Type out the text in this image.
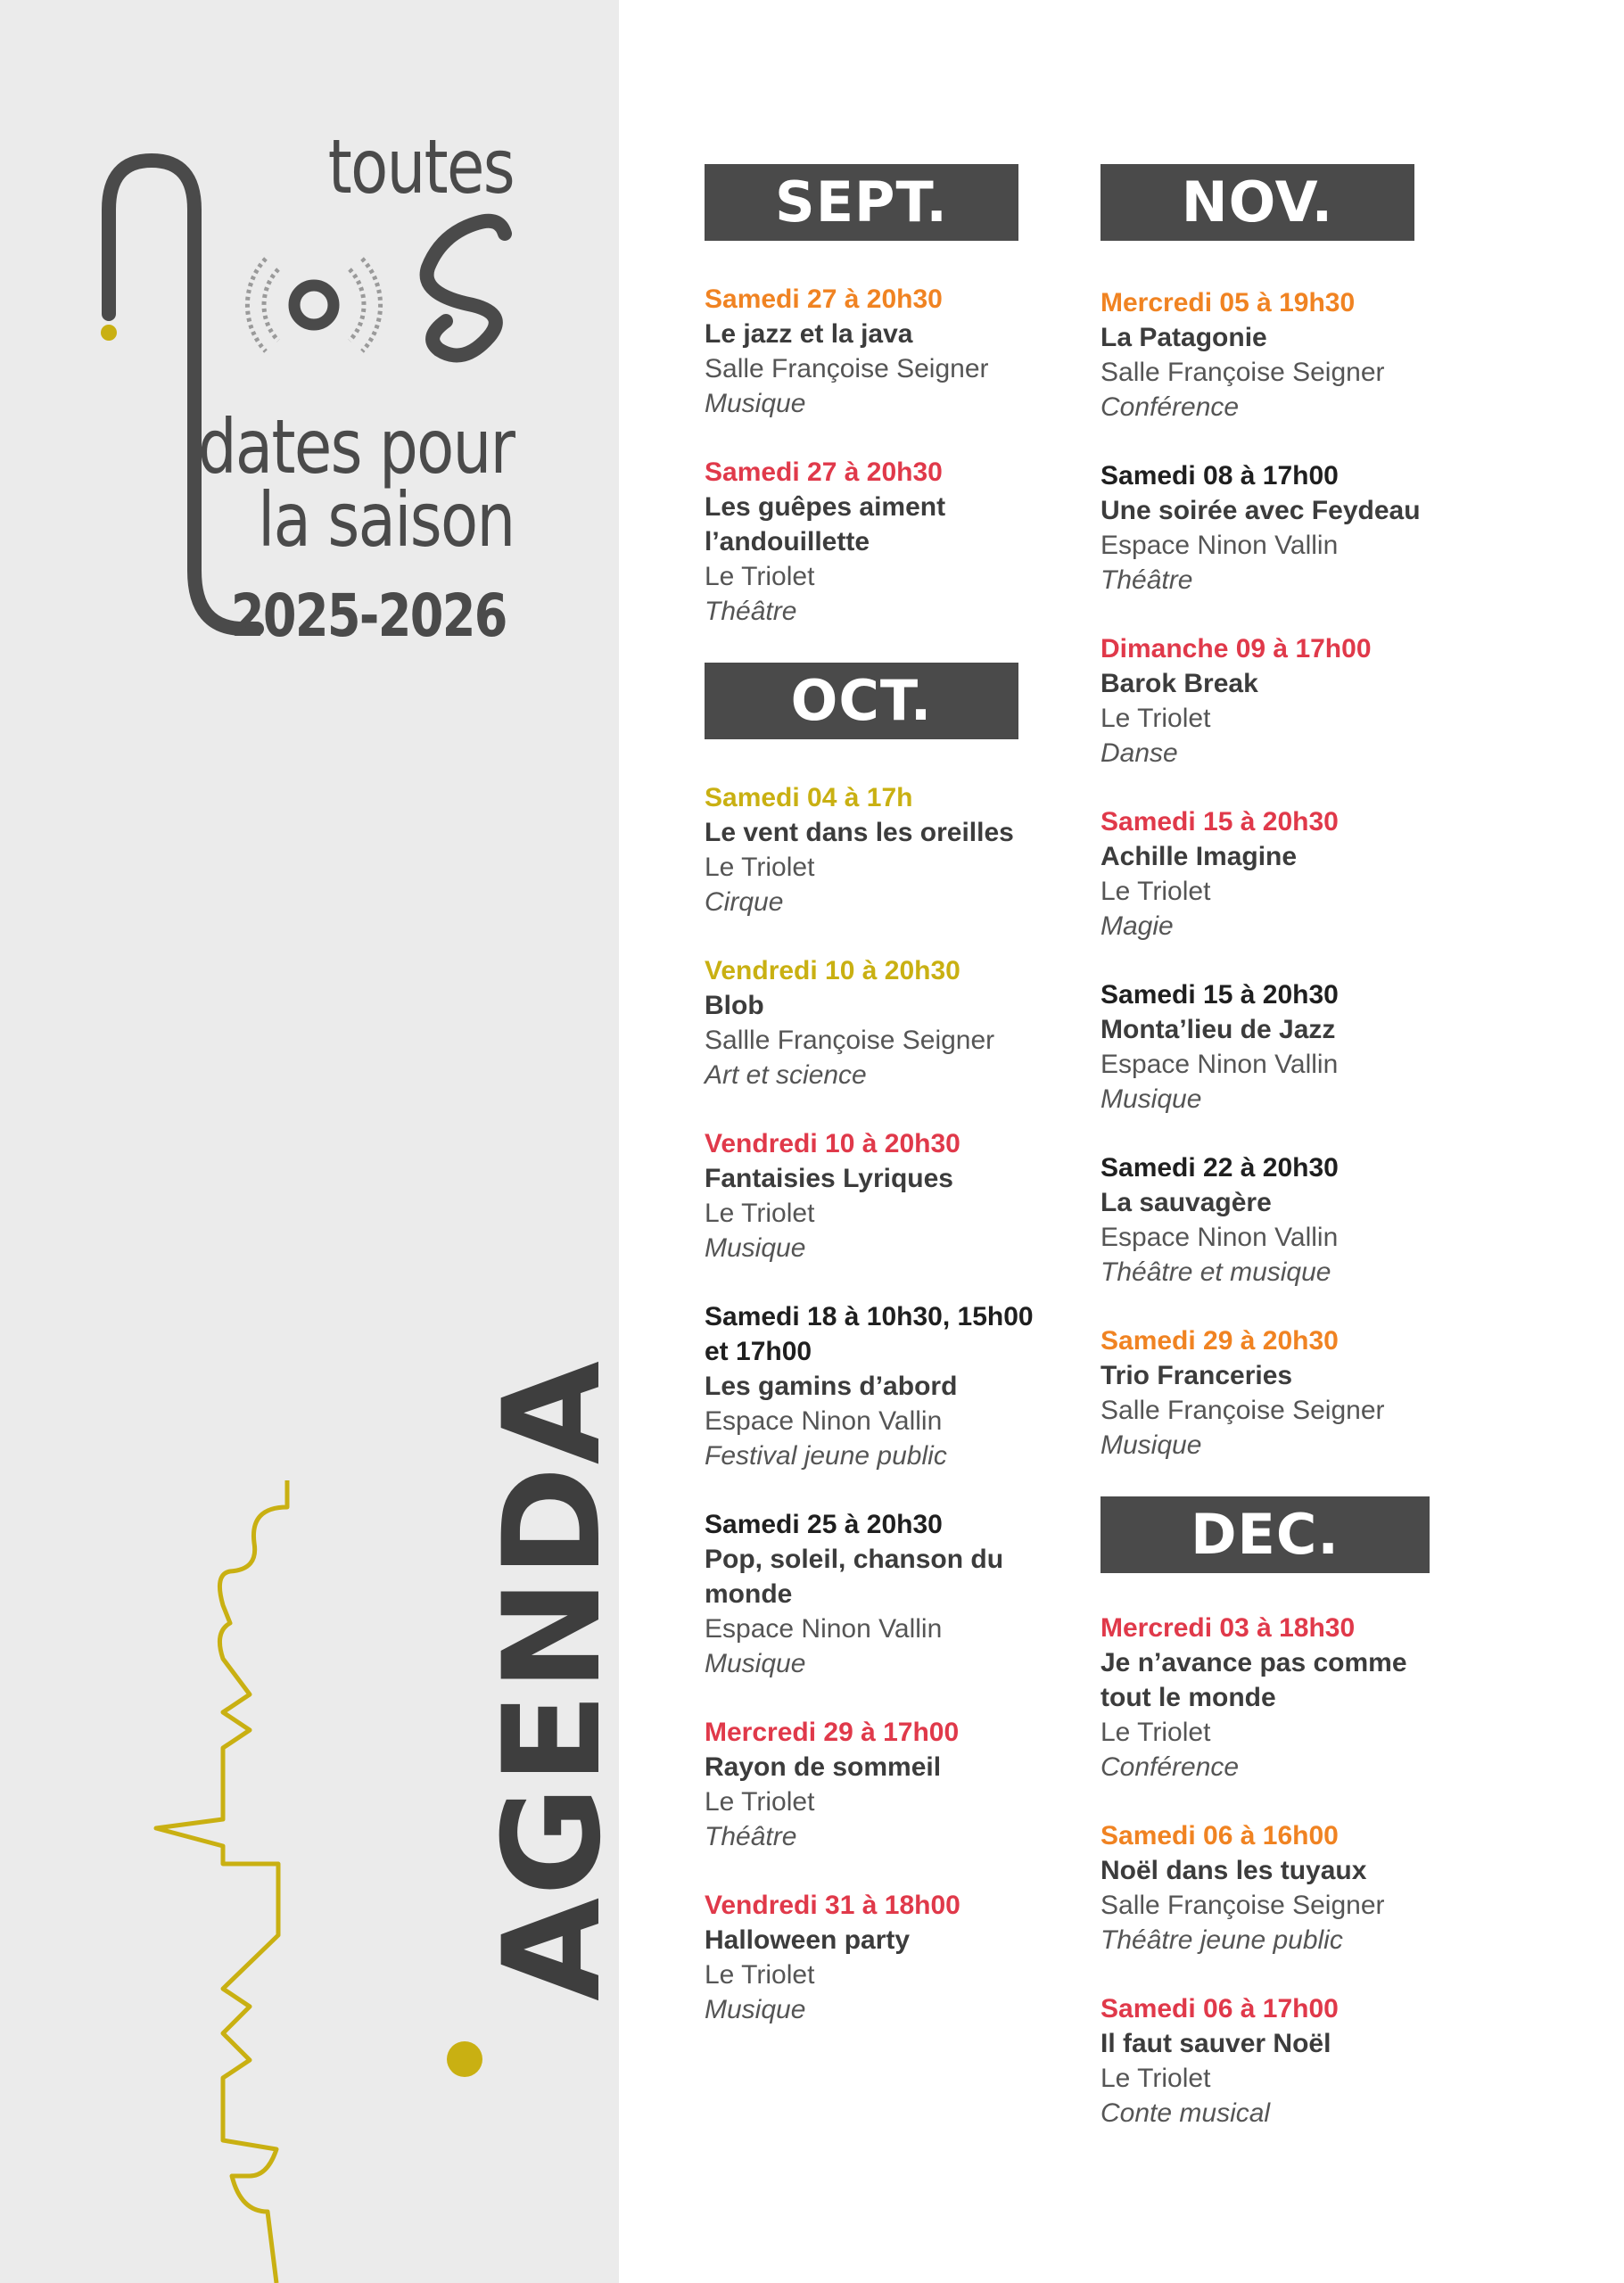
toutes
dates pour
la saison
2025-2026
AGENDA
SEPT.
Samedi 27 à 20h30
Le jazz et la java
Salle Françoise Seigner
Musique
Samedi 27 à 20h30
Les guêpes aiment l’andouillette
Le Triolet
Théâtre
OCT.
Samedi 04 à 17h
Le vent dans les oreilles
Le Triolet
Cirque
Vendredi 10 à 20h30
Blob
Sallle Françoise Seigner
Art et science
Vendredi 10 à 20h30
Fantaisies Lyriques
Le Triolet
Musique
Samedi 18 à 10h30, 15h00 et 17h00
Les gamins d’abord
Espace Ninon Vallin
Festival jeune public
Samedi 25 à 20h30
Pop, soleil, chanson du monde
Espace Ninon Vallin
Musique
Mercredi 29 à 17h00
Rayon de sommeil
Le Triolet
Théâtre
Vendredi 31 à 18h00
Halloween party
Le Triolet
Musique
NOV.
Mercredi 05 à 19h30
La Patagonie
Salle Françoise Seigner
Conférence
Samedi 08 à 17h00
Une soirée avec Feydeau
Espace Ninon Vallin
Théâtre
Dimanche 09 à 17h00
Barok Break
Le Triolet
Danse
Samedi 15 à 20h30
Achille Imagine
Le Triolet
Magie
Samedi 15 à 20h30
Monta’lieu de Jazz
Espace Ninon Vallin
Musique
Samedi 22 à 20h30
La sauvagère
Espace Ninon Vallin
Théâtre et musique
Samedi 29 à 20h30
Trio Franceries
Salle Françoise Seigner
Musique
DEC.
Mercredi 03 à 18h30
Je n’avance pas comme tout le monde
Le Triolet
Conférence
Samedi 06 à 16h00
Noël dans les tuyaux
Salle Françoise Seigner
Théâtre jeune public
Samedi 06 à 17h00
Il faut sauver Noël
Le Triolet
Conte musical
